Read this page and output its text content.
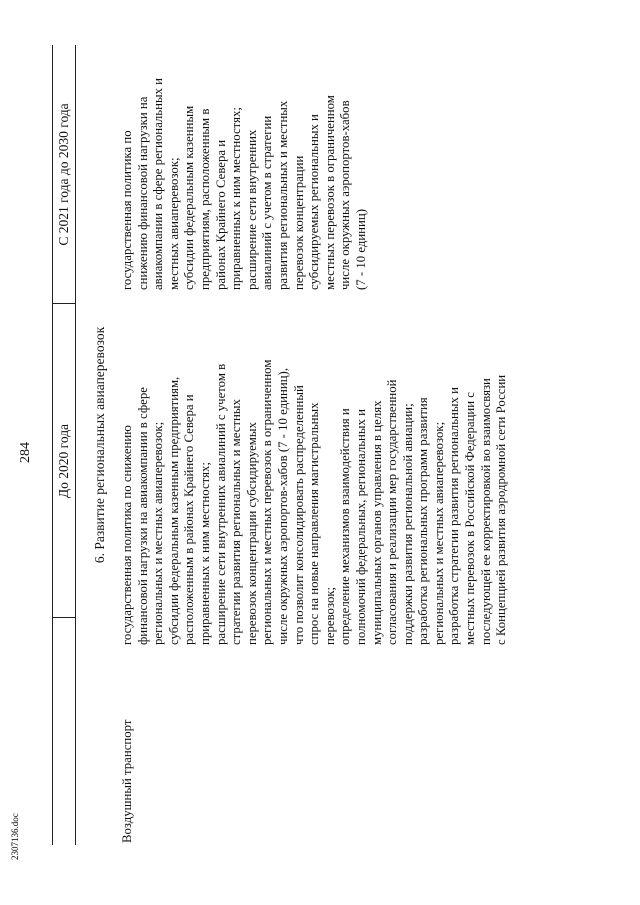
284 До 2020 года
С 2021 года до 2030 года
6. Развитие региональных авиаперевозок
Воздушный транспорт
государственная политика по снижению
финансовой нагрузки на авиакомпании в сфере
региональных и местных авиаперевозок;
субсидии федеральным казенным предприятиям,
расположенным в районах Крайнего Севера и
приравненных к ним местностях;
расширение сети внутренних авиалиний с учетом в
стратегии развития региональных и местных
перевозок концентрации субсидируемых
региональных и местных перевозок в ограниченном
числе окружных аэропортов-хабов (7 - 10 единиц),
что позволит консолидировать распределенный
спрос на новые направления магистральных
перевозок;
определение механизмов взаимодействия и
полномочий федеральных, региональных и
муниципальных органов управления в целях
согласования и реализации мер государственной
поддержки развития региональной авиации;
разработка региональных программ развития
региональных и местных авиаперевозок;
разработка стратегии развития региональных и
местных перевозок в Российской Федерации с
последующей ее корректировкой во взаимосвязи
с Концепцией развития аэродромной сети России
государственная политика по
снижению финансовой нагрузки на
авиакомпании в сфере региональных и
местных авиаперевозок;
субсидии федеральным казенным
предприятиям, расположенным в
районах Крайнего Севера и
приравненных к ним местностях;
расширение сети внутренних
авиалиний с учетом в стратегии
развития региональных и местных
перевозок концентрации
субсидируемых региональных и
местных перевозок в ограниченном
числе окружных аэропортов-хабов
(7 - 10 единиц)
2307136.doc
